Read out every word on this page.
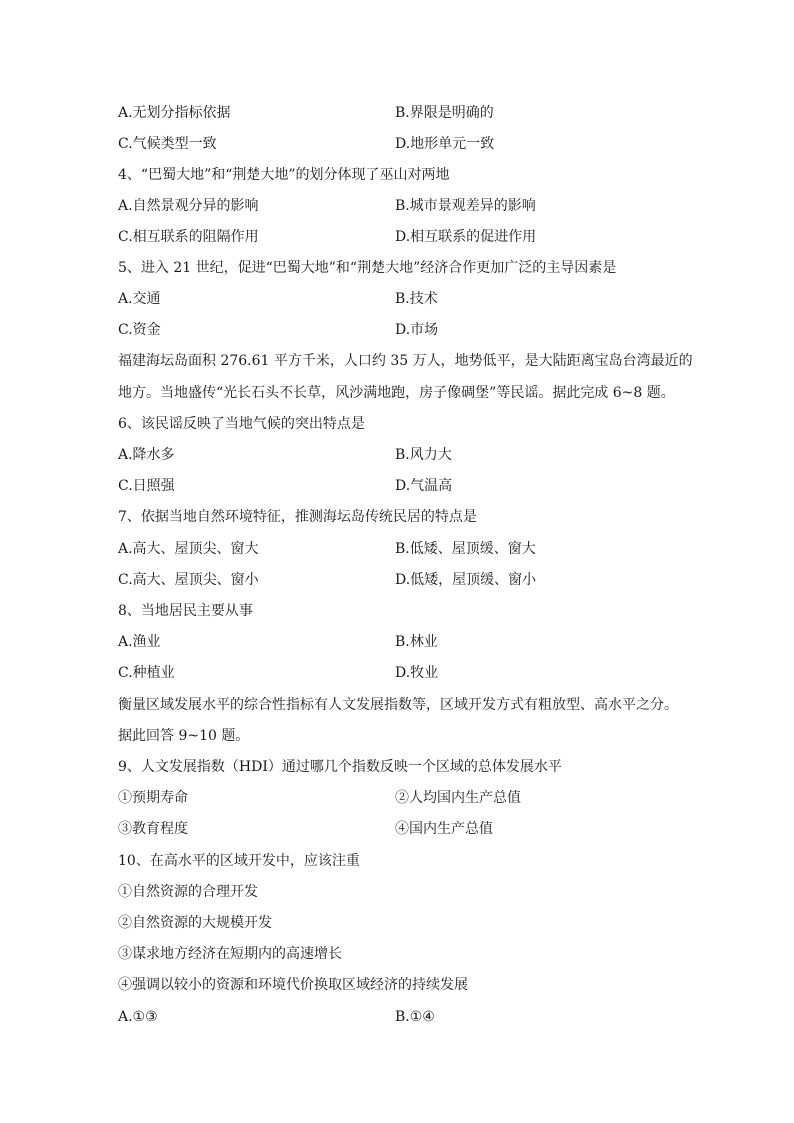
A.无划分指标依据	B.界限是明确的
C.气候类型一致	D.地形单元一致
4、“巴蜀大地”和“荆楚大地”的划分体现了巫山对两地
A.自然景观分异的影响	B.城市景观差异的影响
C.相互联系的阻隔作用	D.相互联系的促进作用
5、进入 21 世纪，促进“巴蜀大地”和“荆楚大地”经济合作更加广泛的主导因素是
A.交通	B.技术
C.资金	D.市场
福建海坛岛面积 276.61 平方千米，人口约 35 万人，地势低平，是大陆距离宝岛台湾最近的
地方。当地盛传“光长石头不长草，风沙满地跑，房子像碉堡”等民谣。据此完成 6~8 题。
6、该民谣反映了当地气候的突出特点是
A.降水多	B.风力大
C.日照强	D.气温高
7、依据当地自然环境特征，推测海坛岛传统民居的特点是
A.高大、屋顶尖、窗大	B.低矮、屋顶缓、窗大
C.高大、屋顶尖、窗小	D.低矮，屋顶缓、窗小
8、当地居民主要从事
A.渔业	B.林业
C.种植业	D.牧业
衡量区域发展水平的综合性指标有人文发展指数等，区域开发方式有粗放型、高水平之分。
据此回答 9~10 题。
9、人文发展指数（HDI）通过哪几个指数反映一个区域的总体发展水平
①预期寿命	②人均国内生产总值
③教育程度	④国内生产总值
10、在高水平的区域开发中，应该注重
①自然资源的合理开发
②自然资源的大规模开发
③谋求地方经济在短期内的高速增长
④强调以较小的资源和环境代价换取区域经济的持续发展
A.①③	B.①④
